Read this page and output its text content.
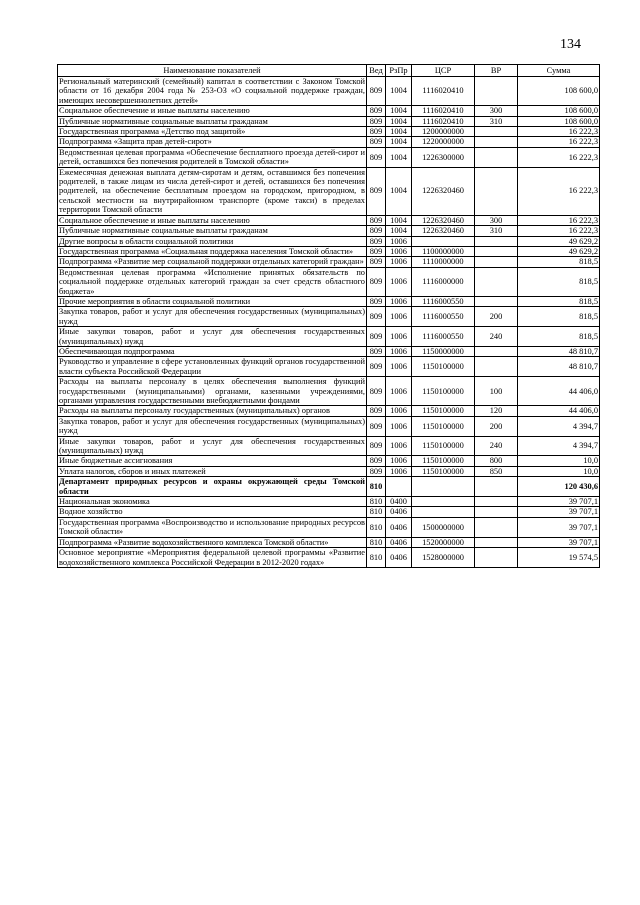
134
Наименование показателей	Вед	РзПр	ЦСР	ВР	Сумма
Региональный материнский (семейный) капитал в соответствии с Законом Томской области от 16 декабря 2004 года № 253-ОЗ «О социальной поддержке граждан, имеющих несовершеннолетних детей»	809	1004	1116020410		108 600,0
Социальное обеспечение и иные выплаты населению	809	1004	1116020410	300	108 600,0
Публичные нормативные социальные выплаты гражданам	809	1004	1116020410	310	108 600,0
Государственная программа «Детство под защитой»	809	1004	1200000000		16 222,3
Подпрограмма «Защита прав детей-сирот»	809	1004	1220000000		16 222,3
Ведомственная целевая программа «Обеспечение бесплатного проезда детей-сирот и детей, оставшихся без попечения родителей в Томской области»	809	1004	1226300000		16 222,3
Ежемесячная денежная выплата детям-сиротам и детям, оставшимся без попечения родителей, в также лицам из числа детей-сирот и детей, оставшихся без попечения родителей, на обеспечение бесплатным проездом на городском, пригородном, в сельской местности на внутрирайонном транспорте (кроме такси) в пределах территории Томской области	809	1004	1226320460		16 222,3
Социальное обеспечение и иные выплаты населению	809	1004	1226320460	300	16 222,3
Публичные нормативные социальные выплаты гражданам	809	1004	1226320460	310	16 222,3
Другие вопросы в области социальной политики	809	1006			49 629,2
Государственная программа «Социальная поддержка населения Томской области»	809	1006	1100000000		49 629,2
Подпрограмма «Развитие мер социальной поддержки отдельных категорий граждан»	809	1006	1110000000		818,5
Ведомственная целевая программа «Исполнение принятых обязательств по социальной поддержке отдельных категорий граждан за счет средств областного бюджета»	809	1006	1116000000		818,5
Прочие мероприятия в области социальной политики	809	1006	1116000550		818,5
Закупка товаров, работ и услуг для обеспечения государственных (муниципальных) нужд	809	1006	1116000550	200	818,5
Иные закупки товаров, работ и услуг для обеспечения государственных (муниципальных) нужд	809	1006	1116000550	240	818,5
Обеспечивающая подпрограмма	809	1006	1150000000		48 810,7
Руководство и управление в сфере установленных функций органов государственной власти субъекта Российской Федерации	809	1006	1150100000		48 810,7
Расходы на выплаты персоналу в целях обеспечения выполнения функций государственными (муниципальными) органами, казенными учреждениями, органами управления государственными внебюджетными фондами	809	1006	1150100000	100	44 406,0
Расходы на выплаты персоналу государственных (муниципальных) органов	809	1006	1150100000	120	44 406,0
Закупка товаров, работ и услуг для обеспечения государственных (муниципальных) нужд	809	1006	1150100000	200	4 394,7
Иные закупки товаров, работ и услуг для обеспечения государственных (муниципальных) нужд	809	1006	1150100000	240	4 394,7
Иные бюджетные ассигнования	809	1006	1150100000	800	10,0
Уплата налогов, сборов и иных платежей	809	1006	1150100000	850	10,0
Департамент природных ресурсов и охраны окружающей среды Томской области	810				120 430,6
Национальная экономика	810	0400			39 707,1
Водное хозяйство	810	0406			39 707,1
Государственная программа «Воспроизводство и использование природных ресурсов Томской области»	810	0406	1500000000		39 707,1
Подпрограмма «Развитие водохозяйственного комплекса Томской области»	810	0406	1520000000		39 707,1
Основное мероприятие «Мероприятия федеральной целевой программы «Развитие водохозяйственного комплекса Российской Федерации в 2012-2020 годах»	810	0406	1528000000		19 574,5
